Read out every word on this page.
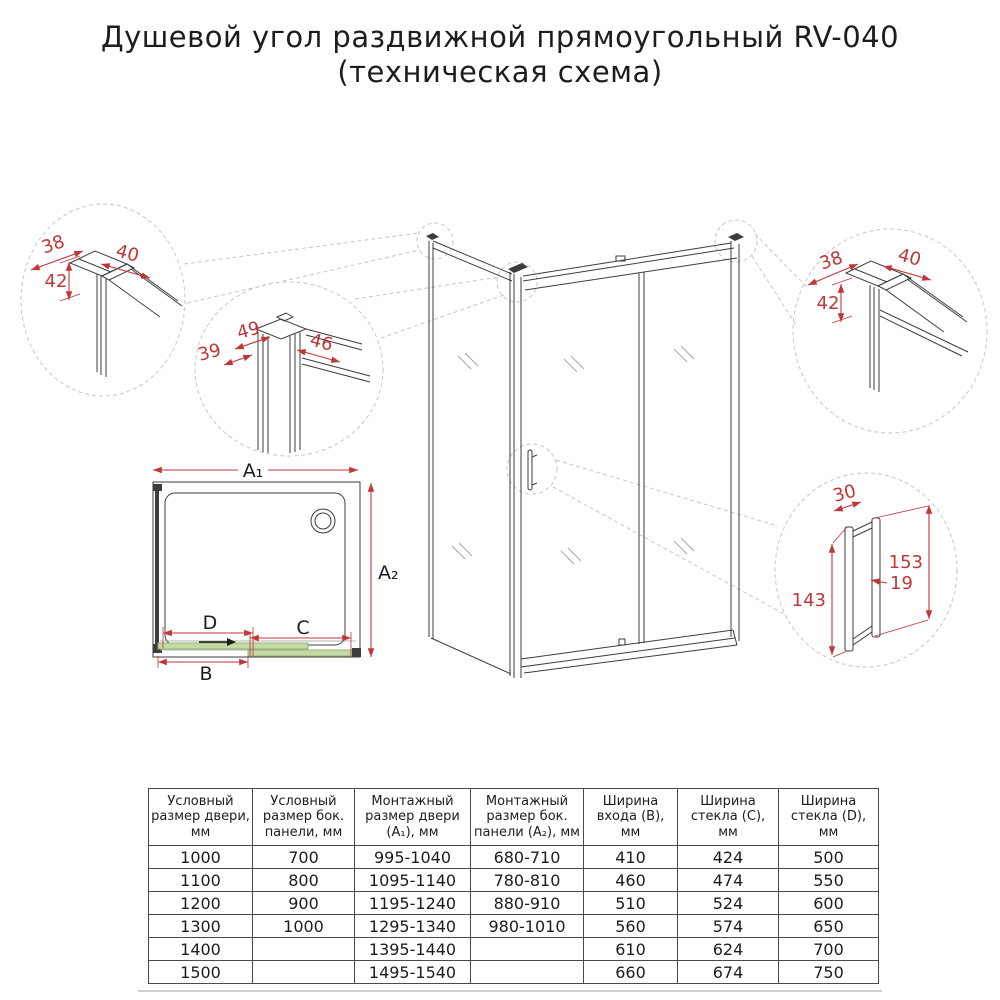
Душевой угол раздвижной прямоугольный RV-040
(техническая схема)
38	40
42
49	46
39
38	40
42
30
153
19
143
A₁
A₂
D	C
B
Условный размер двери, мм	Условный размер бок. панели, мм	Монтажный размер двери (A₁), мм	Монтажный размер бок. панели (A₂), мм	Ширина входа (B), мм	Ширина стекла (C), мм	Ширина стекла (D), мм
1000	700	995-1040	680-710	410	424	500
1100	800	1095-1140	780-810	460	474	550
1200	900	1195-1240	880-910	510	524	600
1300	1000	1295-1340	980-1010	560	574	650
1400		1395-1440		610	624	700
1500		1495-1540		660	674	750
